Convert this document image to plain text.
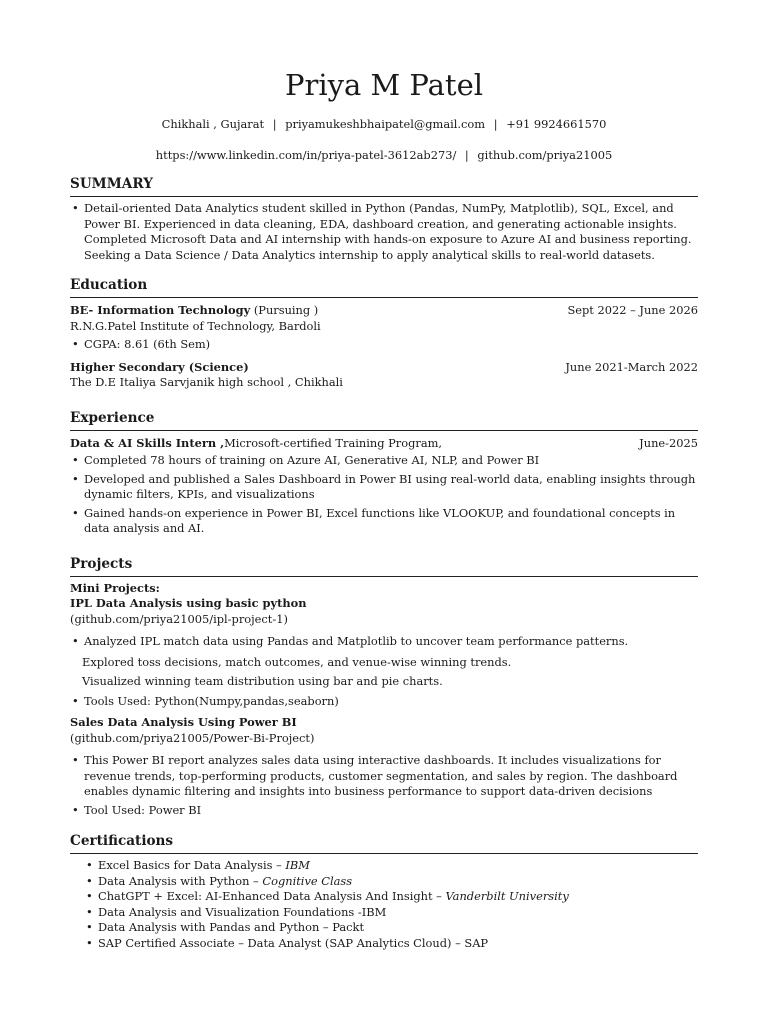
Priya M Patel
Chikhali , Gujarat | priyamukeshbhaipatel@gmail.com | +91 9924661570
https://www.linkedin.com/in/priya-patel-3612ab273/ | github.com/priya21005
SUMMARY
• Detail-oriented Data Analytics student skilled in Python (Pandas, NumPy, Matplotlib), SQL, Excel, and Power BI. Experienced in data cleaning, EDA, dashboard creation, and generating actionable insights. Completed Microsoft Data and AI internship with hands-on exposure to Azure AI and business reporting. Seeking a Data Science / Data Analytics internship to apply analytical skills to real-world datasets.
Education
BE- Information Technology (Pursuing )	Sept 2022 – June 2026
R.N.G.Patel Institute of Technology, Bardoli
• CGPA: 8.61 (6th Sem)
Higher Secondary (Science)	June 2021-March 2022
The D.E Italiya Sarvjanik high school , Chikhali
Experience
Data & AI Skills Intern ,Microsoft-certified Training Program,	June-2025
• Completed 78 hours of training on Azure AI, Generative AI, NLP, and Power BI
• Developed and published a Sales Dashboard in Power BI using real-world data, enabling insights through dynamic filters, KPIs, and visualizations
• Gained hands-on experience in Power BI, Excel functions like VLOOKUP, and foundational concepts in data analysis and AI.
Projects
Mini Projects:
IPL Data Analysis using basic python
(github.com/priya21005/ipl-project-1)
• Analyzed IPL match data using Pandas and Matplotlib to uncover team performance patterns.
Explored toss decisions, match outcomes, and venue-wise winning trends.
Visualized winning team distribution using bar and pie charts.
• Tools Used: Python(Numpy,pandas,seaborn)
Sales Data Analysis Using Power BI
(github.com/priya21005/Power-Bi-Project)
• This Power BI report analyzes sales data using interactive dashboards. It includes visualizations for revenue trends, top-performing products, customer segmentation, and sales by region. The dashboard enables dynamic filtering and insights into business performance to support data-driven decisions
• Tool Used: Power BI
Certifications
• Excel Basics for Data Analysis – IBM
• Data Analysis with Python – Cognitive Class
• ChatGPT + Excel: AI-Enhanced Data Analysis And Insight – Vanderbilt University
• Data Analysis and Visualization Foundations -IBM
• Data Analysis with Pandas and Python – Packt
• SAP Certified Associate – Data Analyst (SAP Analytics Cloud) – SAP
